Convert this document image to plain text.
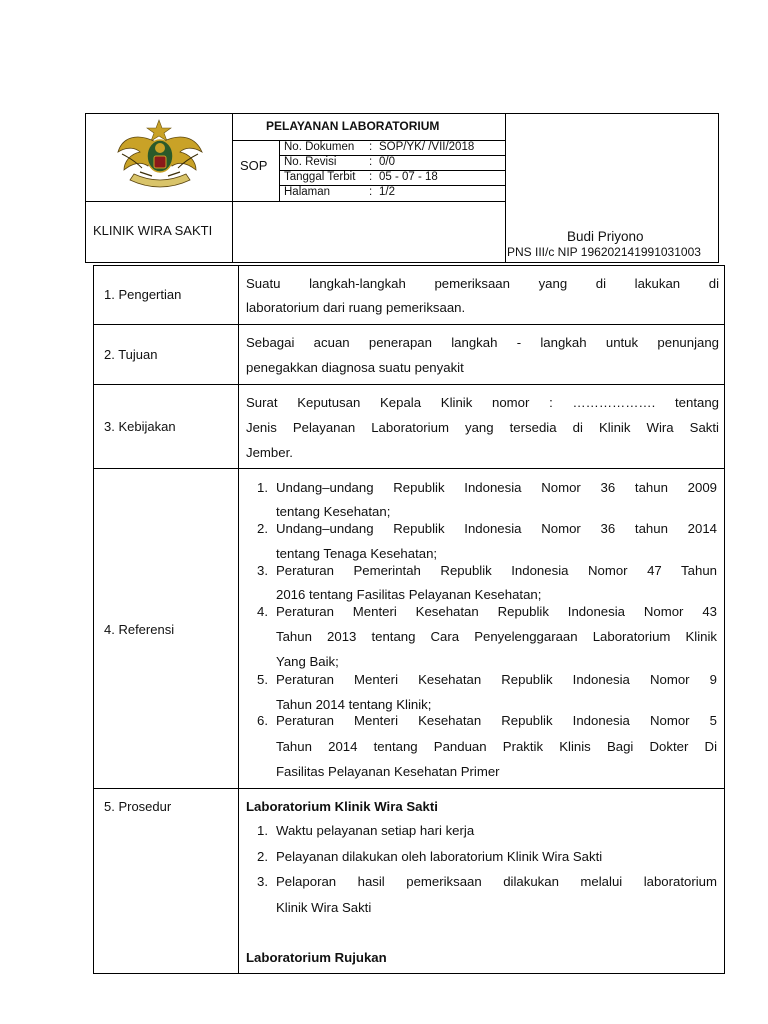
PELAYANAN LABORATORIUM
SOP
No. Dokumen : SOP/YK/ /VII/2018
No. Revisi	: 0/0
Tanggal Terbit : 05 - 07 - 18
Halaman	: 1/2
KLINIK WIRA SAKTI	Budi Priyono
PNS III/c NIP 196202141991031003
1. Pengertian
Suatu langkah-langkah pemeriksaan yang di lakukan di
laboratorium dari ruang pemeriksaan.
2. Tujuan
Sebagai acuan penerapan langkah - langkah untuk penunjang
penegakkan diagnosa suatu penyakit
3. Kebijakan
Surat Keputusan Kepala Klinik nomor : ………………. tentang
Jenis Pelayanan Laboratorium yang tersedia di Klinik Wira Sakti
Jember.
4. Referensi
1. Undang–undang Republik Indonesia Nomor 36 tahun 2009
tentang Kesehatan;
2. Undang–undang Republik Indonesia Nomor 36 tahun 2014
tentang Tenaga Kesehatan;
3. Peraturan Pemerintah Republik Indonesia Nomor 47 Tahun
2016 tentang Fasilitas Pelayanan Kesehatan;
4. Peraturan Menteri Kesehatan Republik Indonesia Nomor 43
Tahun 2013 tentang Cara Penyelenggaraan Laboratorium Klinik
Yang Baik;
5. Peraturan Menteri Kesehatan Republik Indonesia Nomor 9
Tahun 2014 tentang Klinik;
6. Peraturan Menteri Kesehatan Republik Indonesia Nomor 5
Tahun 2014 tentang Panduan Praktik Klinis Bagi Dokter Di
Fasilitas Pelayanan Kesehatan Primer
5. Prosedur	Laboratorium Klinik Wira Sakti
1. Waktu pelayanan setiap hari kerja
2. Pelayanan dilakukan oleh laboratorium Klinik Wira Sakti
3. Pelaporan hasil pemeriksaan dilakukan melalui laboratorium
Klinik Wira Sakti
Laboratorium Rujukan
